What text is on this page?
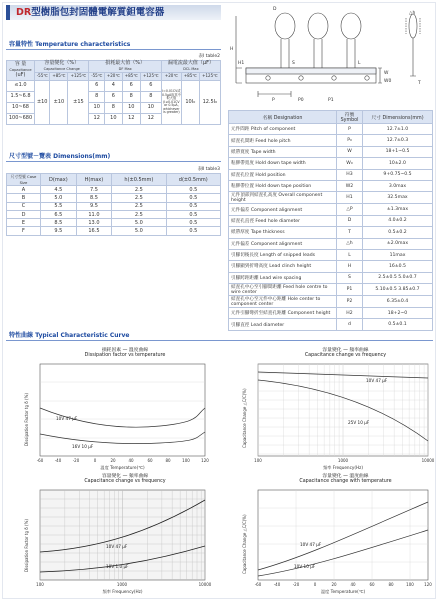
DR型樹脂包封固體電解質鉭電容器
容量特性 Temperature characteristics
表Ⅰ table2
容 量
Capacitance
(uF)	容量變化（%）
Capacitance Change			損耗最大值（%）
DF Max				漏電流最大值（μF）
DCL Max		
	-55℃	+85℃	+125℃	-55℃	+20℃	+85℃	+125℃	+20℃	+85℃	+125℃
≤1.0	±10	±10	±15	6	4	6	6	I=0.01CV或0.5μA取其中較大值(I≥0.01CV or 0.5μA, whichever is greater)	10I₀	12.5I₀
1.5~6.8				8	6	8	8			
10~68				10	8	10	10			
100~680				12	10	12	12			
尺寸型號－覽表 Dimensions(mm)
表Ⅱ table3
尺寸型號 Case Size	D(max)	H(max)	h(±0.5mm)	d(±0.5mm)
A	4.5	7.5	2.5	0.5
B	5.0	8.5	2.5	0.5
C	5.5	9.5	2.5	0.5
D	6.5	11.0	2.5	0.5
E	8.5	13.0	5.0	0.5
F	9.5	16.5	5.0	0.5
H
H1
W
W0
P	P0	P1
△h
T
S
D
L
名稱 Designation	符號 Symbol	尺寸 Dimensions(mm)
元件間距 Pitch of component	P	12.7±1.0
結査孔間距 Feed hole pitch	P₀	12.7±0.3
紙帶寬度 Tape width	W	18+1~0.5
粘膠帶寬度 Hold down tape width	W₀	10±2.0
結査孔位置 Hold position	H3	9+0.75~0.5
粘膠帶位置 Hold down tape position	W2	3.0max
元件頂部到結査孔高度 Overall component height	H1	32.5max
元件偏差 Component alignment	△P	±1.3max
結査孔直徑 Feed hole diameter	D	4.0±0.2
紙帶厚度 Tape thickness	T	0.5±0.2
元件偏差 Component alignment	△h	±2.0max
引腳切後長度 Length of snipped leads	L	11max
引腳顯到折彎高度 Lead clinch height	H	16±0.5
引腳跨距距離 Lead wire spacing	S	2.5±0.5 5.0±0.7
結査孔中心至引腳間距離 Feed hole centre to wire center	P1	5.10±0.5 3.85±0.7
結査孔中心至元件中心距離 Hole center to component center	P2	6.35±0.4
元件引腳彎折至結査孔距離 Component height	H2	18+2~0
引腳直徑 Lead diameter	d	0.5±0.1
特性曲線 Typical Characteristic Curve
損耗因素 — 溫度曲線
Dissipation factor vs temperature
10V 47 μF
16V 10 μF
-60	-40	-20	0	20	40	60	80	100	120
Dissipation Factor tg δ (%)
溫度 Temperature(℃)
容量變化 — 頻率曲線
Capacitance change vs frequency
10V 47 μF
25V 10 μF
100	1000	10000
Capacitance Change △C/C(%)
頻率 Frequency(Hz)
容量變化 — 頻率曲線
Capacitance change vs frequency
10V 47 μF
10V 1.0 μF
100	1000	10000
Dissipation Factor tg δ (%)
頻率 Frequency(Hz)
容量變化 — 溫度曲線
Capacitance change with temperature
10V 47 μF
10V 10 μF
-60	-40	-20	0	20	40	60	80	100	120
Capacitance Change △C/C(%)
溫度 Temperature(℃)
